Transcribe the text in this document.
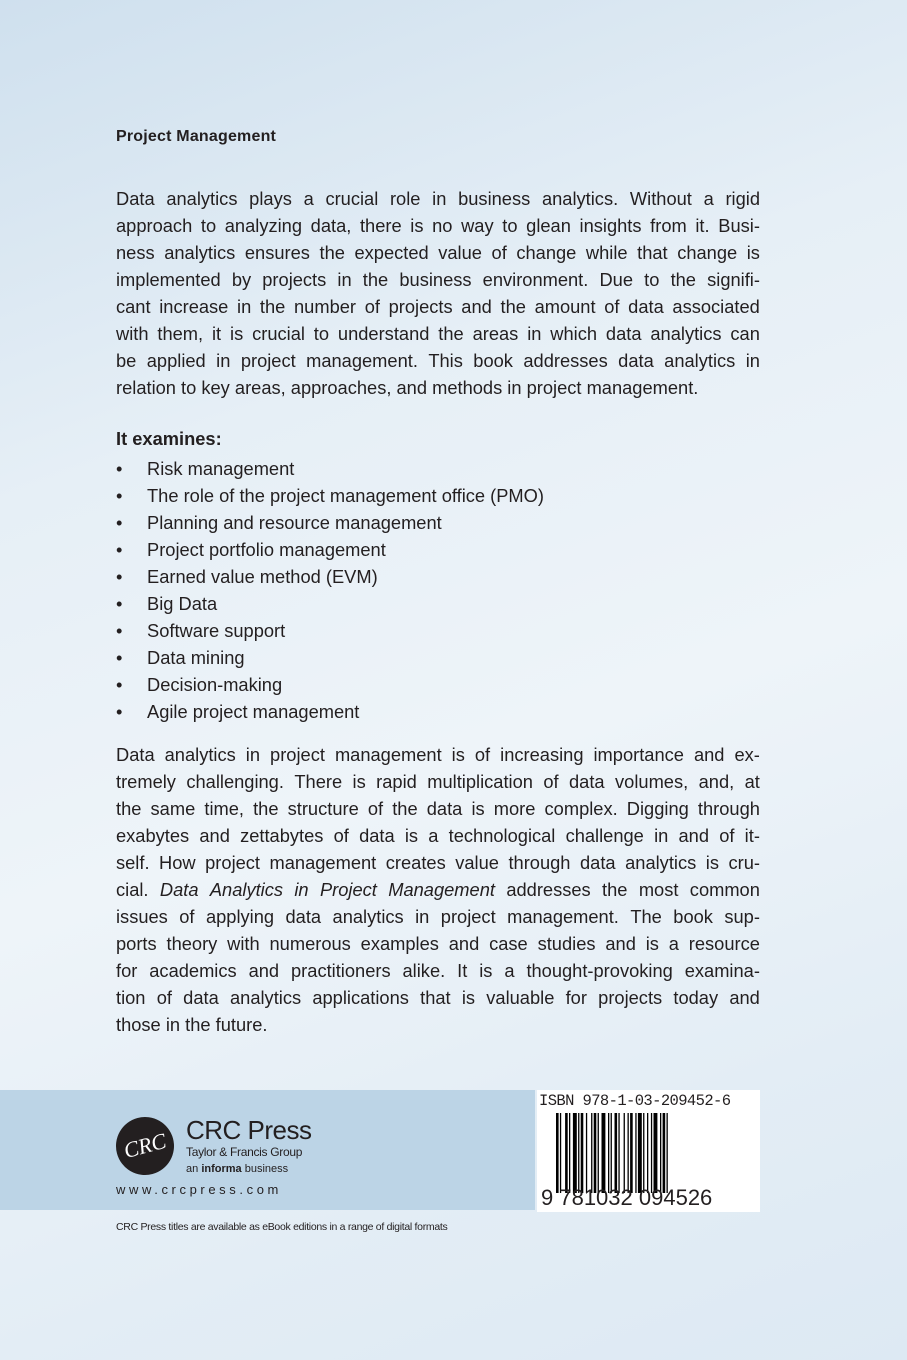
Project Management
Data analytics plays a crucial role in business analytics. Without a rigid
approach to analyzing data, there is no way to glean insights from it. Busi-
ness analytics ensures the expected value of change while that change is
implemented by projects in the business environment. Due to the signifi-
cant increase in the number of projects and the amount of data associated
with them, it is crucial to understand the areas in which data analytics can
be applied in project management. This book addresses data analytics in
relation to key areas, approaches, and methods in project management.
It examines:
•	Risk management
•	The role of the project management office (PMO)
•	Planning and resource management
•	Project portfolio management
•	Earned value method (EVM)
•	Big Data
•	Software support
•	Data mining
•	Decision-making
•	Agile project management
Data analytics in project management is of increasing importance and ex-
tremely challenging. There is rapid multiplication of data volumes, and, at
the same time, the structure of the data is more complex. Digging through
exabytes and zettabytes of data is a technological challenge in and of it-
self. How project management creates value through data analytics is cru-
cial. Data Analytics in Project Management addresses the most common
issues of applying data analytics in project management. The book sup-
ports theory with numerous examples and case studies and is a resource
for academics and practitioners alike. It is a thought-provoking examina-
tion of data analytics applications that is valuable for projects today and
those in the future.
CRC CRC Press
Taylor & Francis Group
an informa business
www.crcpress.com
ISBN 978-1-03-209452-6
9 781032 094526
CRC Press titles are available as eBook editions in a range of digital formats
